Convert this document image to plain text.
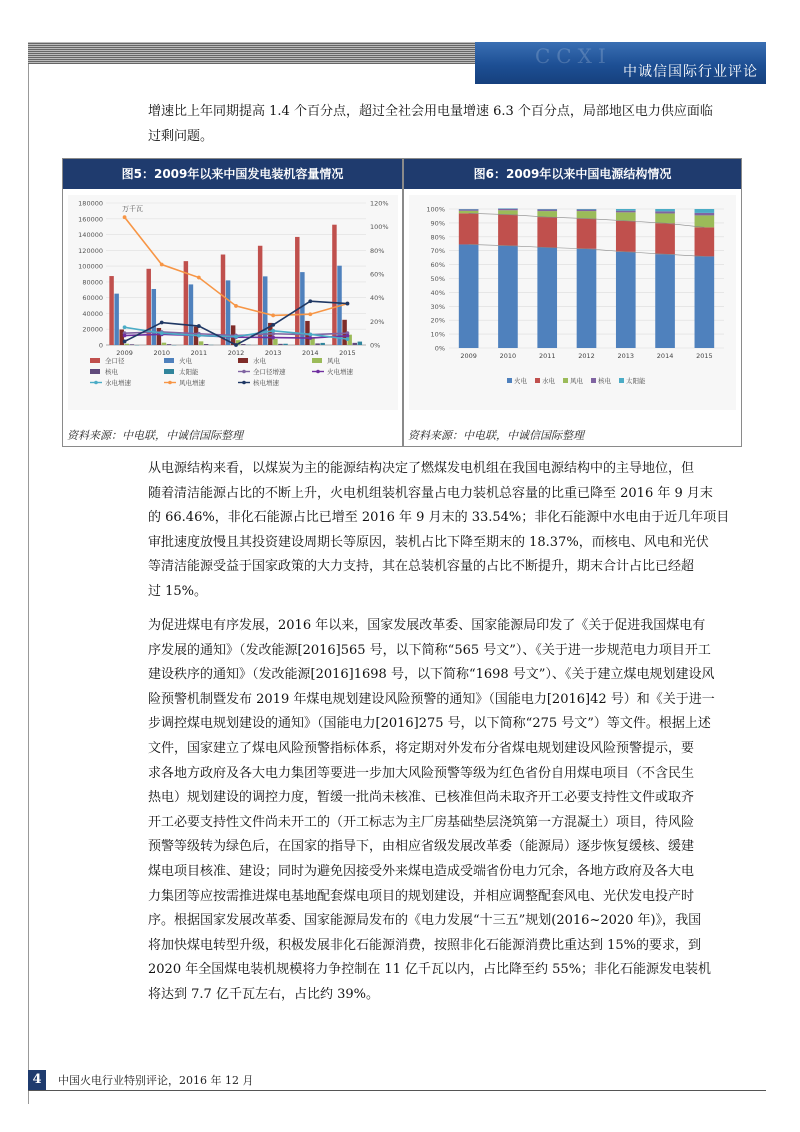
CCXI
中诚信国际行业评论
增速比上年同期提高 1.4 个百分点，超过全社会用电量增速 6.3 个百分点，局部地区电力供应面临
过剩问题。
图5：2009年以来中国发电装机容量情况
0
20000
40000
60000
80000
100000
120000
140000
160000
180000
0%
20%
40%
60%
80%
100%
120%
万千瓦
2009	2010	2011	2012	2013	2014	2015
全口径	火电	水电	风电
核电	太阳能	全口径增速	火电增速
水电增速	风电增速	核电增速
资料来源：中电联，中诚信国际整理
图6：2009年以来中国电源结构情况
0%
10%
20%
30%
40%
50%
60%
70%
80%
90%
100%
2009	2010	2011	2012	2013	2014	2015
火电 水电 风电 核电 太阳能
资料来源：中电联，中诚信国际整理
从电源结构来看，以煤炭为主的能源结构决定了燃煤发电机组在我国电源结构中的主导地位，但
随着清洁能源占比的不断上升，火电机组装机容量占电力装机总容量的比重已降至 2016 年 9 月末
的 66.46%，非化石能源占比已增至 2016 年 9 月末的 33.54%；非化石能源中水电由于近几年项目
审批速度放慢且其投资建设周期长等原因，装机占比下降至期末的 18.37%，而核电、风电和光伏
等清洁能源受益于国家政策的大力支持，其在总装机容量的占比不断提升，期末合计占比已经超
过 15%。
为促进煤电有序发展，2016 年以来，国家发展改革委、国家能源局印发了《关于促进我国煤电有
序发展的通知》（发改能源[2016]565 号，以下简称“565 号文”）、《关于进一步规范电力项目开工
建设秩序的通知》（发改能源[2016]1698 号，以下简称“1698 号文”）、《关于建立煤电规划建设风
险预警机制暨发布 2019 年煤电规划建设风险预警的通知》（国能电力[2016]42 号）和《关于进一
步调控煤电规划建设的通知》（国能电力[2016]275 号，以下简称“275 号文”）等文件。根据上述
文件，国家建立了煤电风险预警指标体系，将定期对外发布分省煤电规划建设风险预警提示，要
求各地方政府及各大电力集团等要进一步加大风险预警等级为红色省份自用煤电项目（不含民生
热电）规划建设的调控力度，暂缓一批尚未核准、已核准但尚未取齐开工必要支持性文件或取齐
开工必要支持性文件尚未开工的（开工标志为主厂房基础垫层浇筑第一方混凝土）项目，待风险
预警等级转为绿色后，在国家的指导下，由相应省级发展改革委（能源局）逐步恢复缓核、缓建
煤电项目核准、建设；同时为避免因接受外来煤电造成受端省份电力冗余，各地方政府及各大电
力集团等应按需推进煤电基地配套煤电项目的规划建设，并相应调整配套风电、光伏发电投产时
序。根据国家发展改革委、国家能源局发布的《电力发展“十三五”规划(2016~2020 年)》，我国
将加快煤电转型升级，积极发展非化石能源消费，按照非化石能源消费比重达到 15%的要求，到
2020 年全国煤电装机规模将力争控制在 11 亿千瓦以内，占比降至约 55%；非化石能源发电装机
将达到 7.7 亿千瓦左右，占比约 39%。
4	中国火电行业特别评论，2016 年 12 月
